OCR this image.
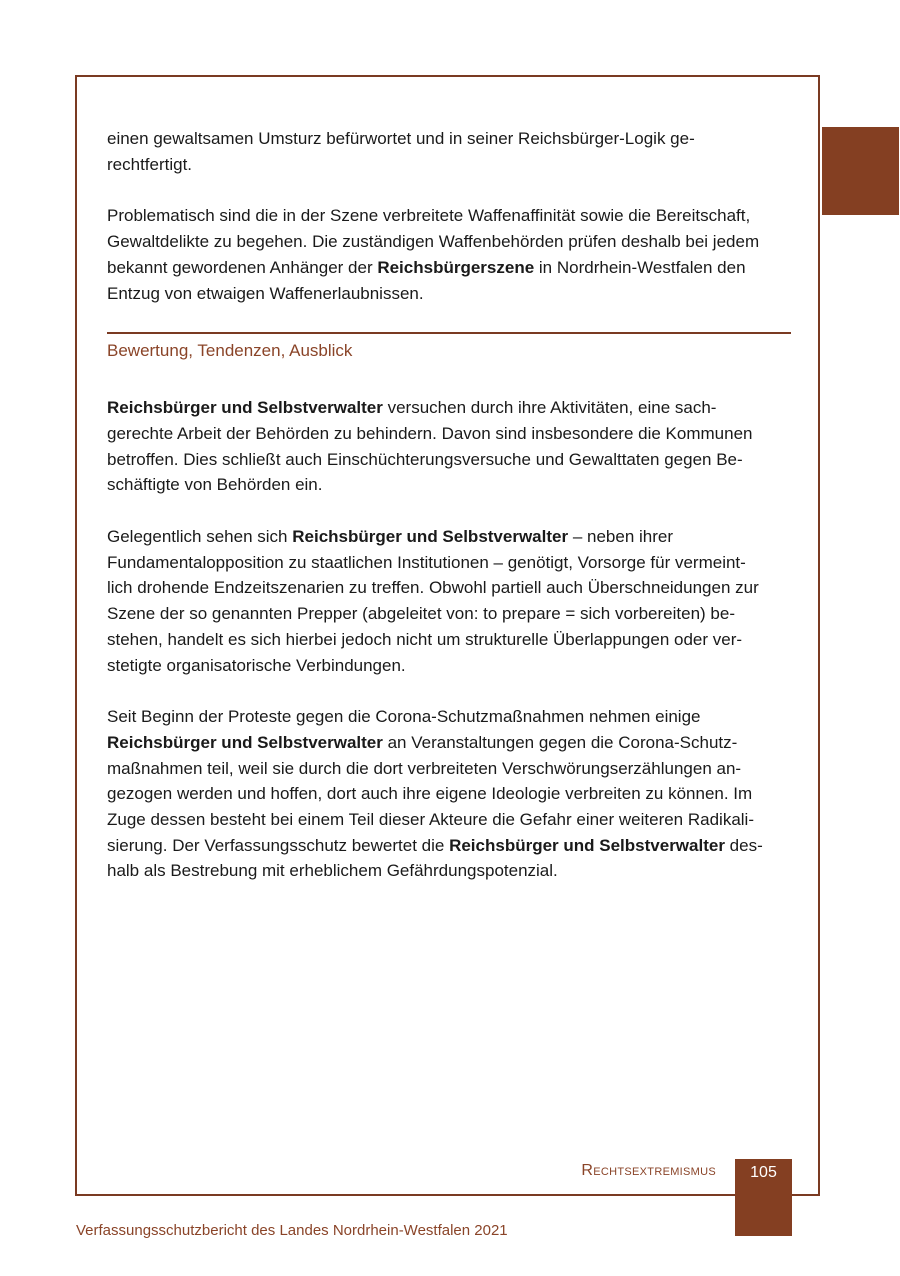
einen gewaltsamen Umsturz befürwortet und in seiner Reichsbürger-Logik ge-
rechtfertigt.

Problematisch sind die in der Szene verbreitete Waffenaffinität sowie die Bereitschaft,
Gewaltdelikte zu begehen. Die zuständigen Waffenbehörden prüfen deshalb bei jedem
bekannt gewordenen Anhänger der Reichsbürgerszene in Nordrhein-Westfalen den
Entzug von etwaigen Waffenerlaubnissen.

Bewertung, Tendenzen, Ausblick

Reichsbürger und Selbstverwalter versuchen durch ihre Aktivitäten, eine sach-
gerechte Arbeit der Behörden zu behindern. Davon sind insbesondere die Kommunen
betroffen. Dies schließt auch Einschüchterungsversuche und Gewalttaten gegen Be-
schäftigte von Behörden ein.

Gelegentlich sehen sich Reichsbürger und Selbstverwalter – neben ihrer
Fundamentalopposition zu staatlichen Institutionen – genötigt, Vorsorge für vermeint-
lich drohende Endzeitszenarien zu treffen. Obwohl partiell auch Überschneidungen zur
Szene der so genannten Prepper (abgeleitet von: to prepare = sich vorbereiten) be-
stehen, handelt es sich hierbei jedoch nicht um strukturelle Überlappungen oder ver-
stetigte organisatorische Verbindungen.

Seit Beginn der Proteste gegen die Corona-Schutzmaßnahmen nehmen einige
Reichsbürger und Selbstverwalter an Veranstaltungen gegen die Corona-Schutz-
maßnahmen teil, weil sie durch die dort verbreiteten Verschwörungserzählungen an-
gezogen werden und hoffen, dort auch ihre eigene Ideologie verbreiten zu können. Im
Zuge dessen besteht bei einem Teil dieser Akteure die Gefahr einer weiteren Radikali-
sierung. Der Verfassungsschutz bewertet die Reichsbürger und Selbstverwalter des-
halb als Bestrebung mit erheblichem Gefährdungspotenzial.

Rechtsextremismus	105
Verfassungsschutzbericht des Landes Nordrhein-Westfalen 2021
